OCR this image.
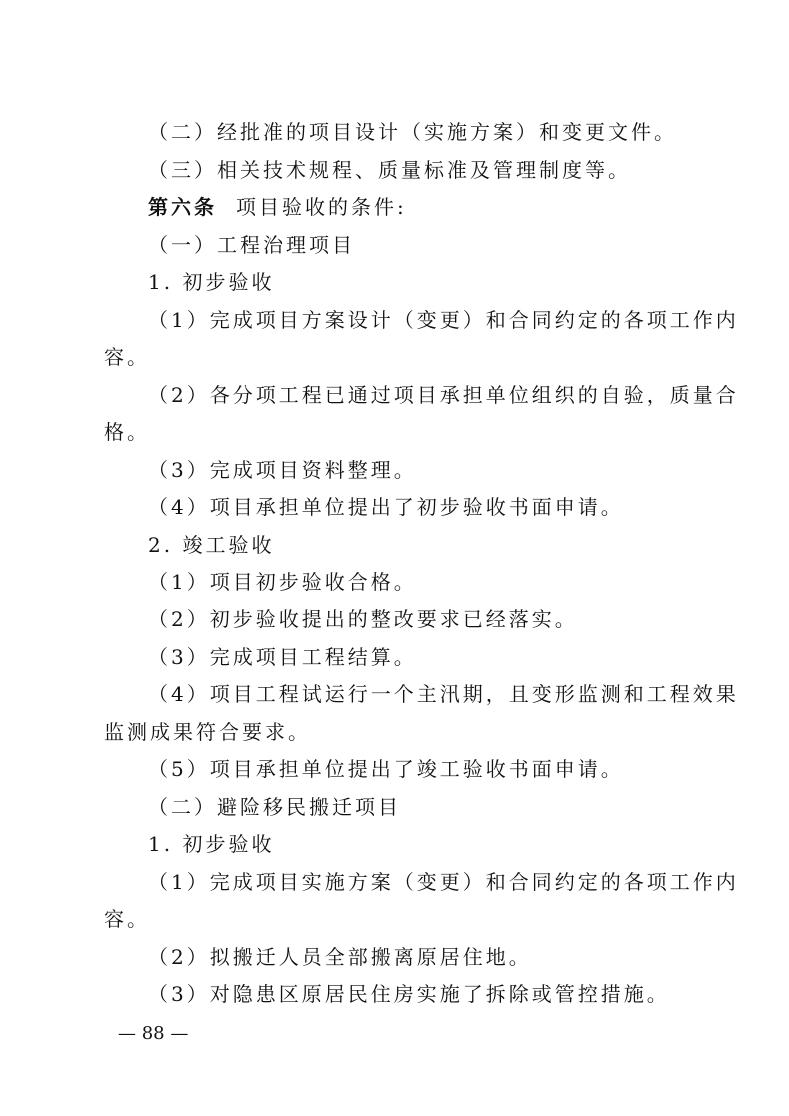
（二）经批准的项目设计（实施方案）和变更文件。
（三）相关技术规程、质量标准及管理制度等。
第六条 项目验收的条件:
（一）工程治理项目
1. 初步验收
（1）完成项目方案设计（变更）和合同约定的各项工作内
容。
（2）各分项工程已通过项目承担单位组织的自验，质量合
格。
（3）完成项目资料整理。
（4）项目承担单位提出了初步验收书面申请。
2. 竣工验收
（1）项目初步验收合格。
（2）初步验收提出的整改要求已经落实。
（3）完成项目工程结算。
（4）项目工程试运行一个主汛期，且变形监测和工程效果
监测成果符合要求。
（5）项目承担单位提出了竣工验收书面申请。
（二）避险移民搬迁项目
1. 初步验收
（1）完成项目实施方案（变更）和合同约定的各项工作内
容。
（2）拟搬迁人员全部搬离原居住地。
（3）对隐患区原居民住房实施了拆除或管控措施。
— 88 —
